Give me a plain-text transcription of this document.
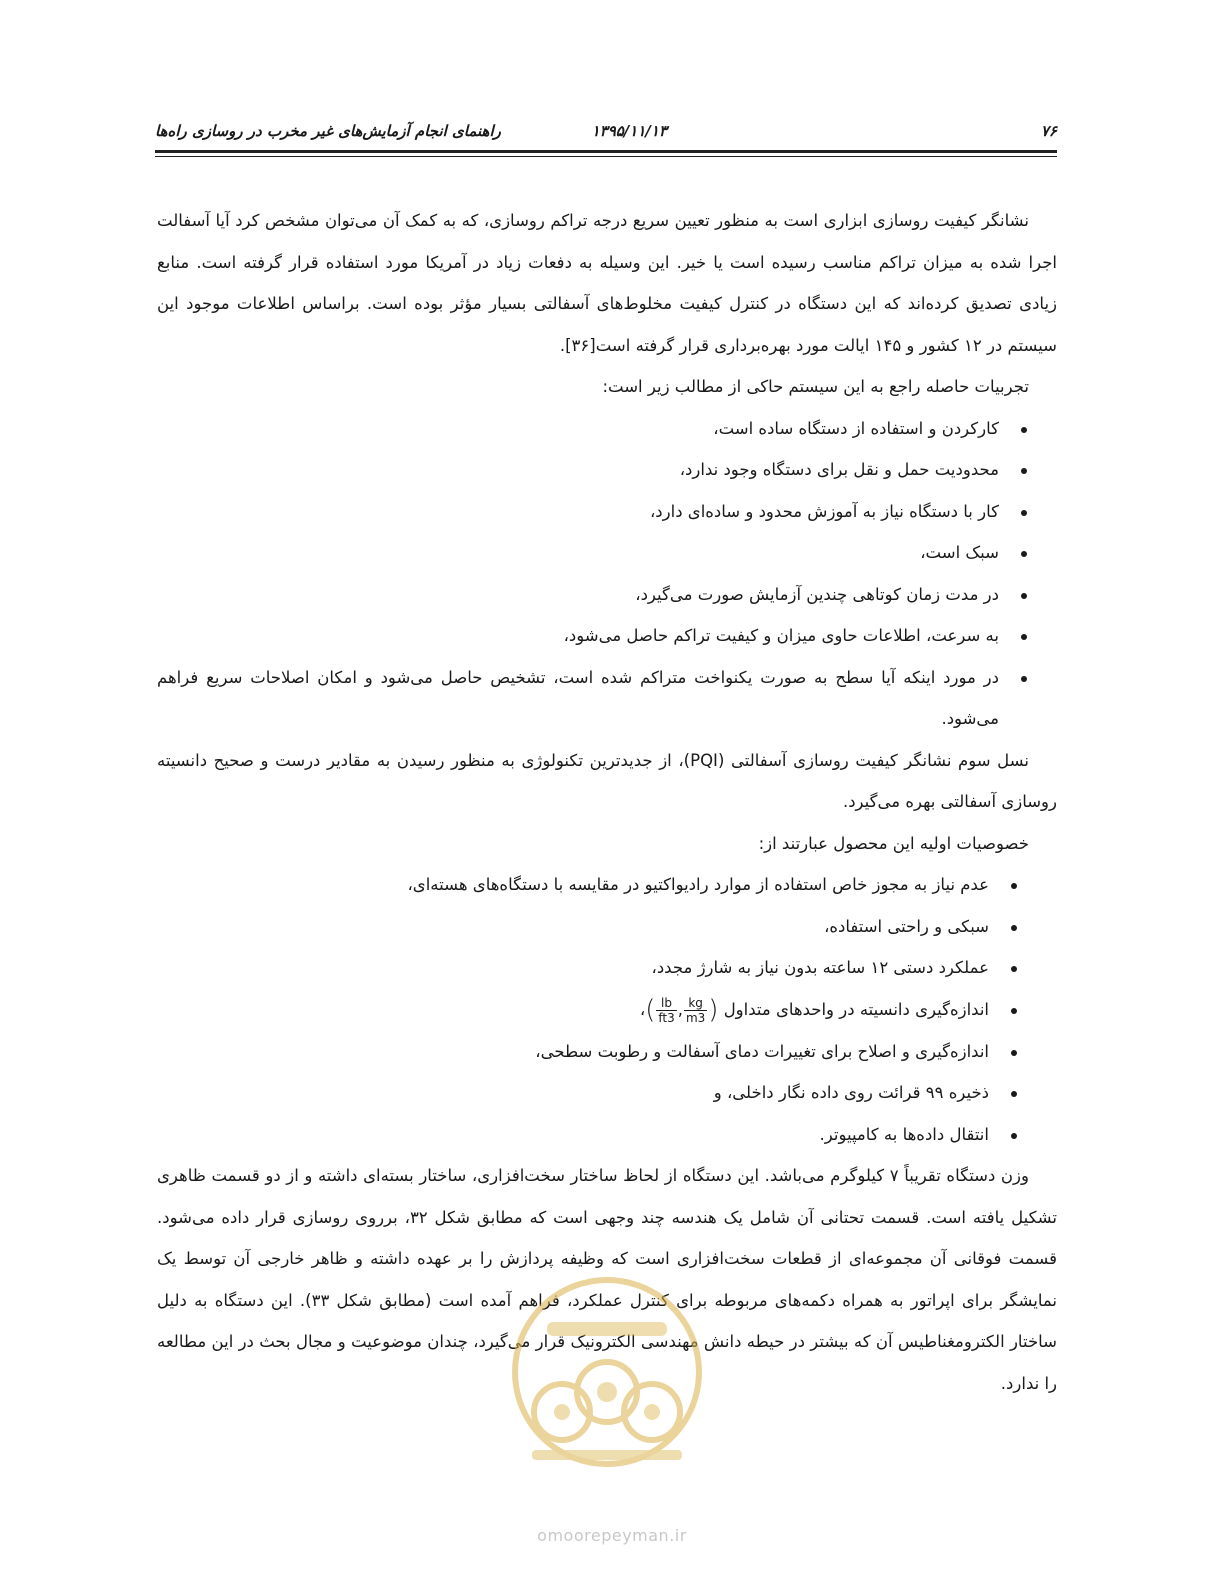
۷۶
۱۳۹۵/۱۱/۱۳
راهنمای انجام آزمایش‌های غیر مخرب در روسازی راه‌ها

نشانگر کیفیت روسازی ابزاری است به منظور تعیین سریع درجه تراکم روسازی، که به کمک آن می‌توان مشخص کرد آیا آسفالت اجرا شده به میزان تراکم مناسب رسیده است یا خیر. این وسیله به دفعات زیاد در آمریکا مورد استفاده قرار گرفته است. منابع زیادی تصدیق کرده‌اند که این دستگاه در کنترل کیفیت مخلوط‌های آسفالتی بسیار مؤثر بوده است. براساس اطلاعات موجود این سیستم در ۱۲ کشور و ۱۴۵ ایالت مورد بهره‌برداری قرار گرفته است[۳۶].

تجربیات حاصله راجع به این سیستم حاکی از مطالب زیر است:

کارکردن و استفاده از دستگاه ساده است،
محدودیت حمل و نقل برای دستگاه وجود ندارد،
کار با دستگاه نیاز به آموزش محدود و ساده‌ای دارد،
سبک است،
در مدت زمان کوتاهی چندین آزمایش صورت می‌گیرد،
به سرعت، اطلاعات حاوی میزان و کیفیت تراکم حاصل می‌شود،
در مورد اینکه آیا سطح به صورت یکنواخت متراکم شده است، تشخیص حاصل می‌شود و امکان اصلاحات سریع فراهم می‌شود.

نسل سوم نشانگر کیفیت روسازی آسفالتی (PQI)، از جدیدترین تکنولوژی به منظور رسیدن به مقادیر درست و صحیح دانسیته روسازی آسفالتی بهره می‌گیرد.

خصوصیات اولیه این محصول عبارتند از:

عدم نیاز به مجوز خاص استفاده از موارد رادیواکتیو در مقایسه با دستگاه‌های هسته‌ای،
سبکی و راحتی استفاده،
عملکرد دستی ۱۲ ساعته بدون نیاز به شارژ مجدد،
اندازه‌گیری دانسیته در واحدهای متداول (
$\frac{kg}{m3}$
,
$\frac{lb}{ft3}$
)،
اندازه‌گیری و اصلاح برای تغییرات دمای آسفالت و رطوبت سطحی،
ذخیره ۹۹ قرائت روی داده نگار داخلی، و
انتقال داده‌ها به کامپیوتر.

وزن دستگاه تقریباً ۷ کیلوگرم می‌باشد. این دستگاه از لحاظ ساختار سخت‌افزاری، ساختار بسته‌ای داشته و از دو قسمت ظاهری تشکیل یافته است. قسمت تحتانی آن شامل یک هندسه چند وجهی است که مطابق شکل ۳۲، برروی روسازی قرار داده می‌شود. قسمت فوقانی آن مجموعه‌ای از قطعات سخت‌افزاری است که وظیفه پردازش را بر عهده داشته و ظاهر خارجی آن توسط یک نمایشگر برای اپراتور به همراه دکمه‌های مربوطه برای کنترل عملکرد، فراهم آمده است (مطابق شکل ۳۳). این دستگاه به دلیل ساختار الکترومغناطیس آن که بیشتر در حیطه دانش مهندسی الکترونیک قرار می‌گیرد، چندان موضوعیت و مجال بحث در این مطالعه را ندارد.

omoorepeyman.ir
